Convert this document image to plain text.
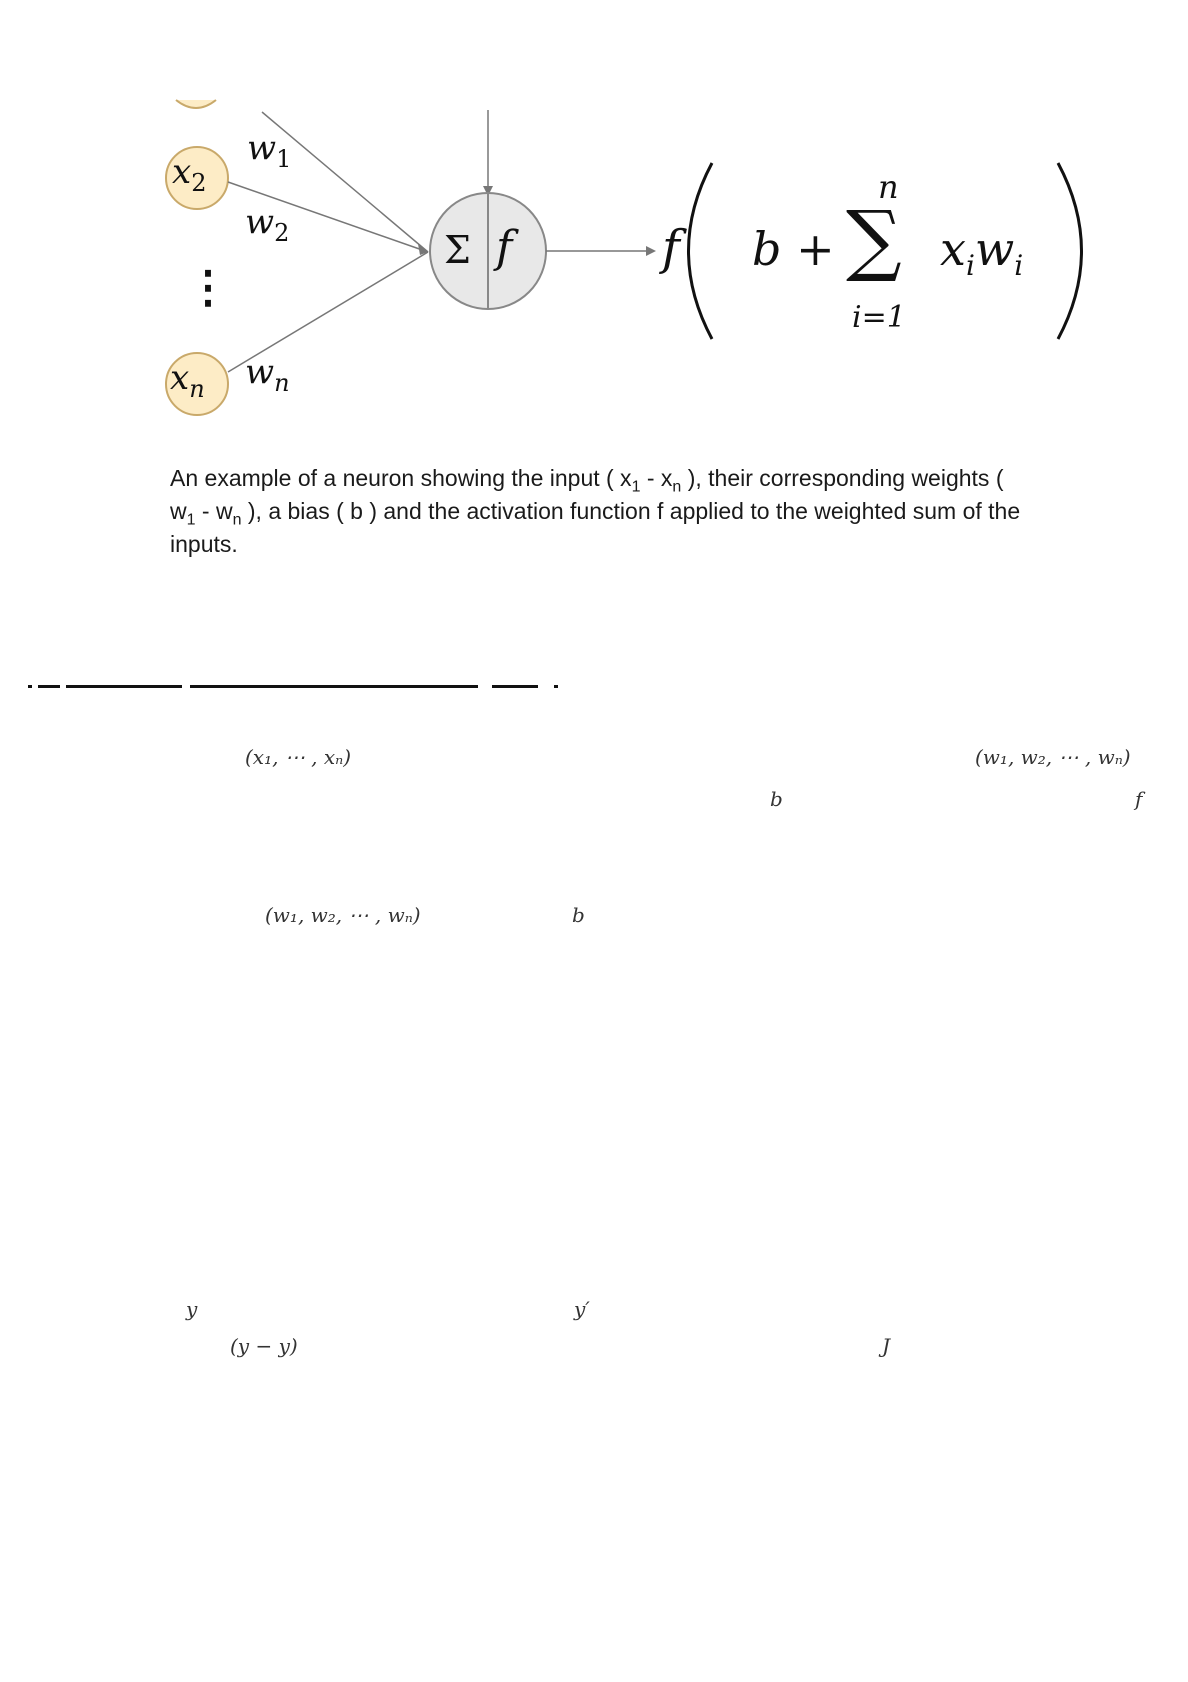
$x_2$
$x_n$
$w_1$
$w_2$
$w_n$
⋮
Σ f	f b +
n
∑
i=1
$x_iw_i$
An example of a neuron showing the input ( $x_1 - x_n$ ), their corresponding weights ( $w_1 - w_n$ ), a bias ( b ) and the activation function f applied to the weighted sum of the inputs.
(x₁, ⋯ , xₙ)	(w₁, w₂, ⋯ , wₙ)
b	f
(w₁, w₂, ⋯ , wₙ)	b
y	y′
(y − y)	J
